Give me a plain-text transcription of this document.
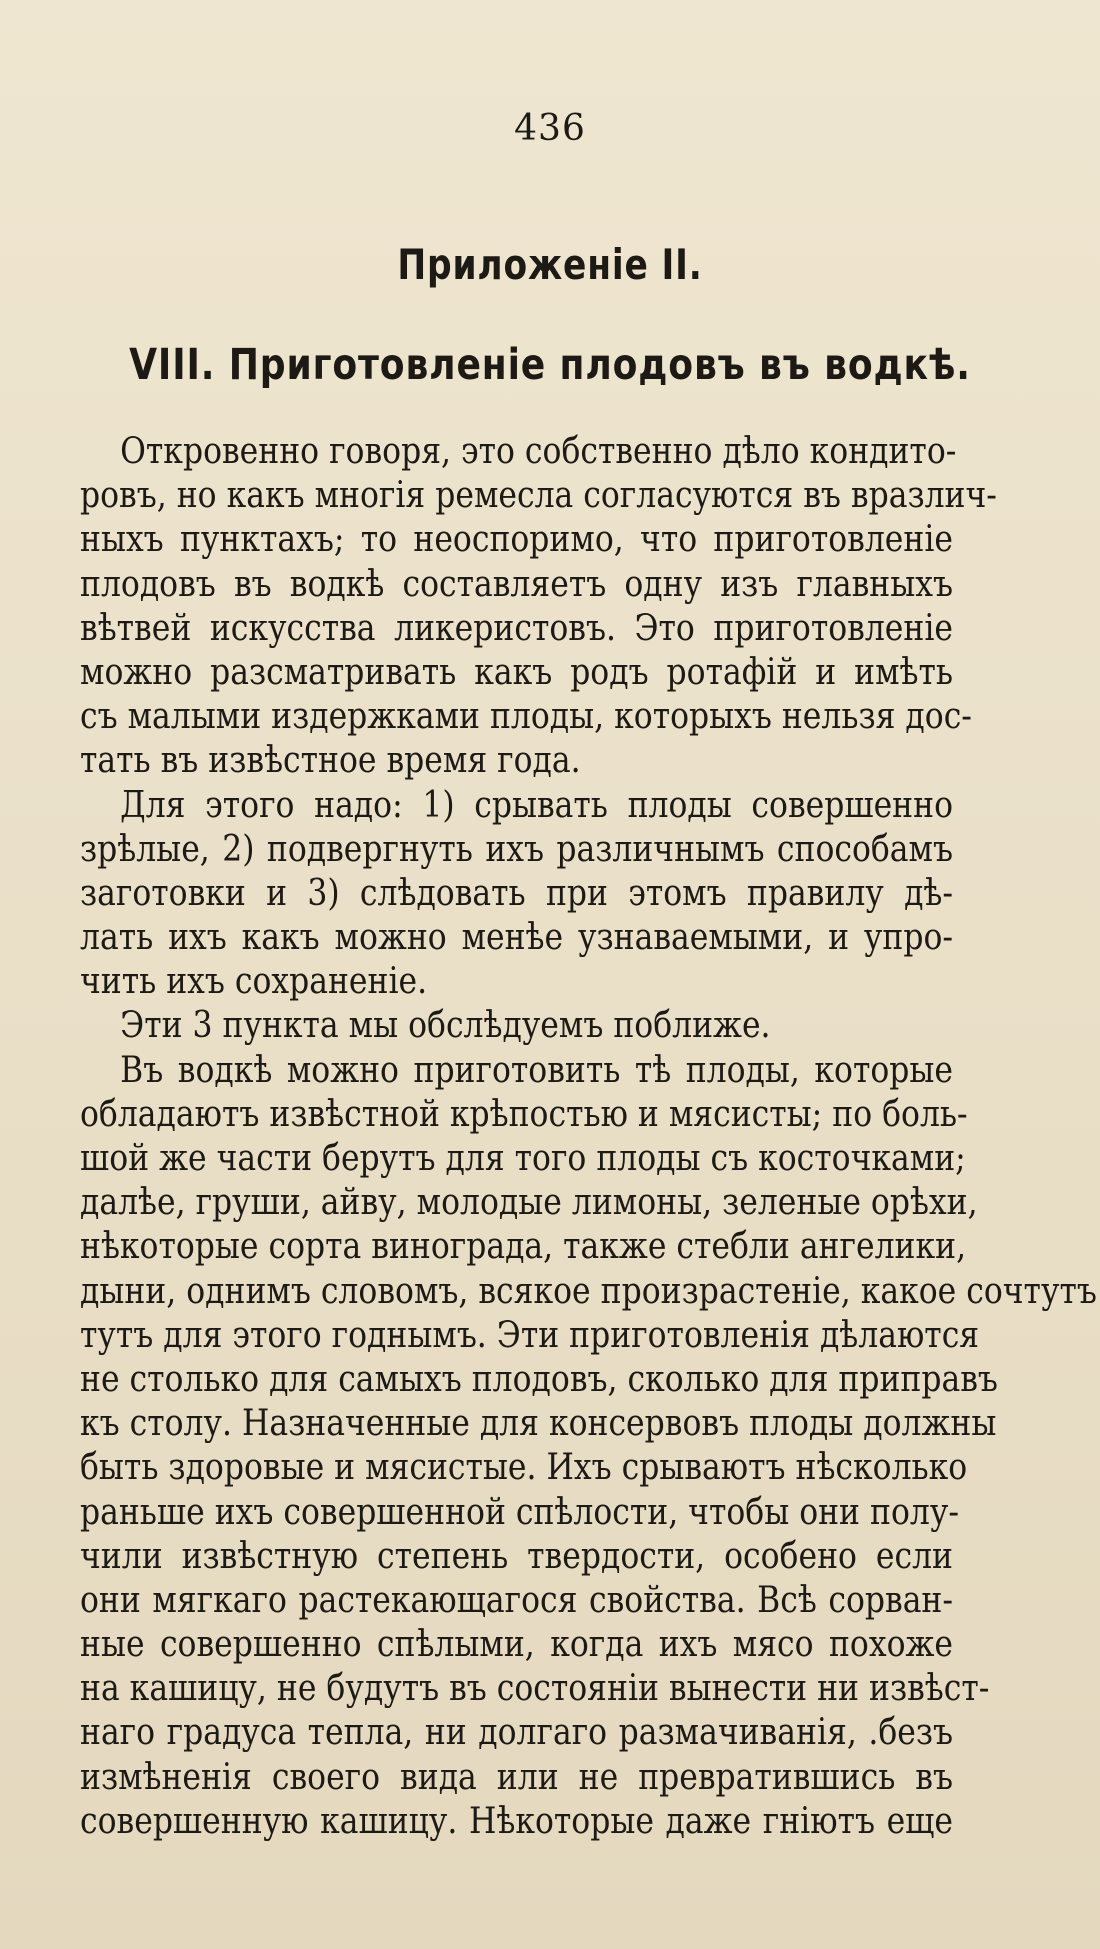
436
Приложеніе II.
VIII. Приготовленіе плодовъ въ водкѣ.
Откровенно говоря, это собственно дѣло кондито-
ровъ, но какъ многія ремесла согласуются въ вразлич-
ныхъ пунктахъ; то неоспоримо, что приготовленіе
плодовъ въ водкѣ составляетъ одну изъ главныхъ
вѣтвей искусства ликеристовъ. Это приготовленіе
можно разсматривать какъ родъ ротафій и имѣть
съ малыми издержками плоды, которыхъ нельзя дос-
тать въ извѣстное время года.
Для этого надо: 1) срывать плоды совершенно
зрѣлые, 2) подвергнуть ихъ различнымъ способамъ
заготовки и 3) слѣдовать при этомъ правилу дѣ-
лать ихъ какъ можно менѣе узнаваемыми, и упро-
чить ихъ сохраненіе.
Эти 3 пункта мы обслѣдуемъ поближе.
Въ водкѣ можно приготовить тѣ плоды, которые
обладаютъ извѣстной крѣпостью и мясисты; по боль-
шой же части берутъ для того плоды съ косточками;
далѣе, груши, айву, молодые лимоны, зеленые орѣхи,
нѣкоторые сорта винограда, также стебли ангелики,
дыни, однимъ словомъ, всякое произрастеніе, какое сочтутъ
тутъ для этого годнымъ. Эти приготовленія дѣлаются
не столько для самыхъ плодовъ, сколько для приправъ
къ столу. Назначенные для консервовъ плоды должны
быть здоровые и мясистые. Ихъ срываютъ нѣсколько
раньше ихъ совершенной спѣлости, чтобы они полу-
чили извѣстную степень твердости, особено если
они мягкаго растекающагося свойства. Всѣ сорван-
ные совершенно спѣлыми, когда ихъ мясо похоже
на кашицу, не будутъ въ состояніи вынести ни извѣст-
наго градуса тепла, ни долгаго размачиванія, .безъ
измѣненія своего вида или не превратившись въ
совершенную кашицу. Нѣкоторые даже гніютъ еще
